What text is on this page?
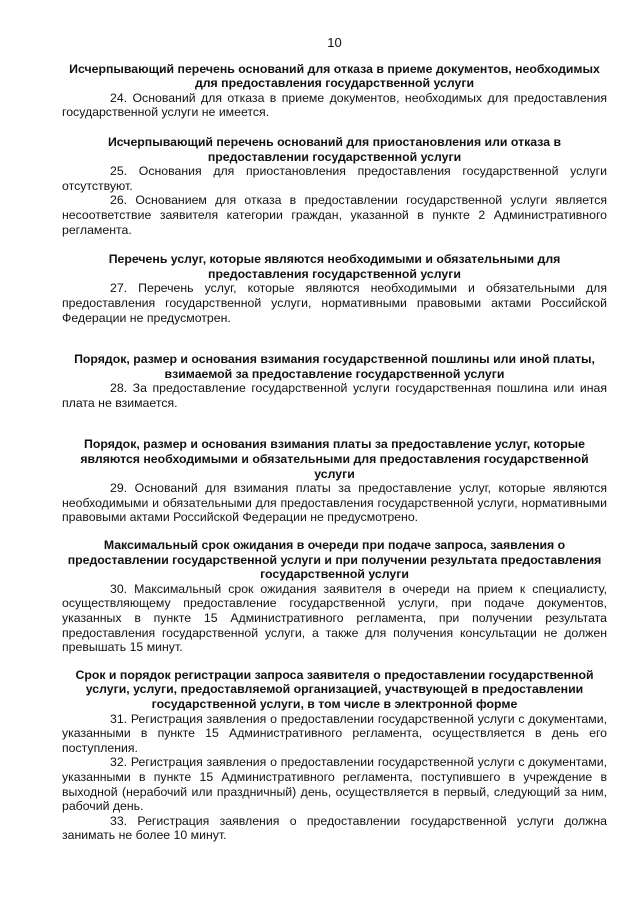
10

Исчерпывающий перечень оснований для отказа в приеме документов, необходимых для предоставления государственной услуги

24. Оснований для отказа в приеме документов, необходимых для предоставления государственной услуги не имеется.

Исчерпывающий перечень оснований для приостановления или отказа в предоставлении государственной услуги

25. Основания для приостановления предоставления государственной услуги отсутствуют.

26. Основанием для отказа в предоставлении государственной услуги является несоответствие заявителя категории граждан, указанной в пункте 2 Административного регламента.

Перечень услуг, которые являются необходимыми и обязательными для предоставления государственной услуги

27. Перечень услуг, которые являются необходимыми и обязательными для предоставления государственной услуги, нормативными правовыми актами Российской Федерации не предусмотрен.

Порядок, размер и основания взимания государственной пошлины или иной платы, взимаемой за предоставление государственной услуги

28. За предоставление государственной услуги государственная пошлина или иная плата не взимается.

Порядок, размер и основания взимания платы за предоставление услуг, которые являются необходимыми и обязательными для предоставления государственной услуги

29. Оснований для взимания платы за предоставление услуг, которые являются необходимыми и обязательными для предоставления государственной услуги, нормативными правовыми актами Российской Федерации не предусмотрено.

Максимальный срок ожидания в очереди при подаче запроса, заявления о предоставлении государственной услуги и при получении результата предоставления государственной услуги

30. Максимальный срок ожидания заявителя в очереди на прием к специалисту, осуществляющему предоставление государственной услуги, при подаче документов, указанных в пункте 15 Административного регламента, при получении результата предоставления государственной услуги, а также для получения консультации не должен превышать 15 минут.

Срок и порядок регистрации запроса заявителя о предоставлении государственной услуги, услуги, предоставляемой организацией, участвующей в предоставлении государственной услуги, в том числе в электронной форме

31. Регистрация заявления о предоставлении государственной услуги с документами, указанными в пункте 15 Административного регламента, осуществляется в день его поступления.

32. Регистрация заявления о предоставлении государственной услуги с документами, указанными в пункте 15 Административного регламента, поступившего в учреждение в выходной (нерабочий или праздничный) день, осуществляется в первый, следующий за ним, рабочий день.

33. Регистрация заявления о предоставлении государственной услуги должна занимать не более 10 минут.
